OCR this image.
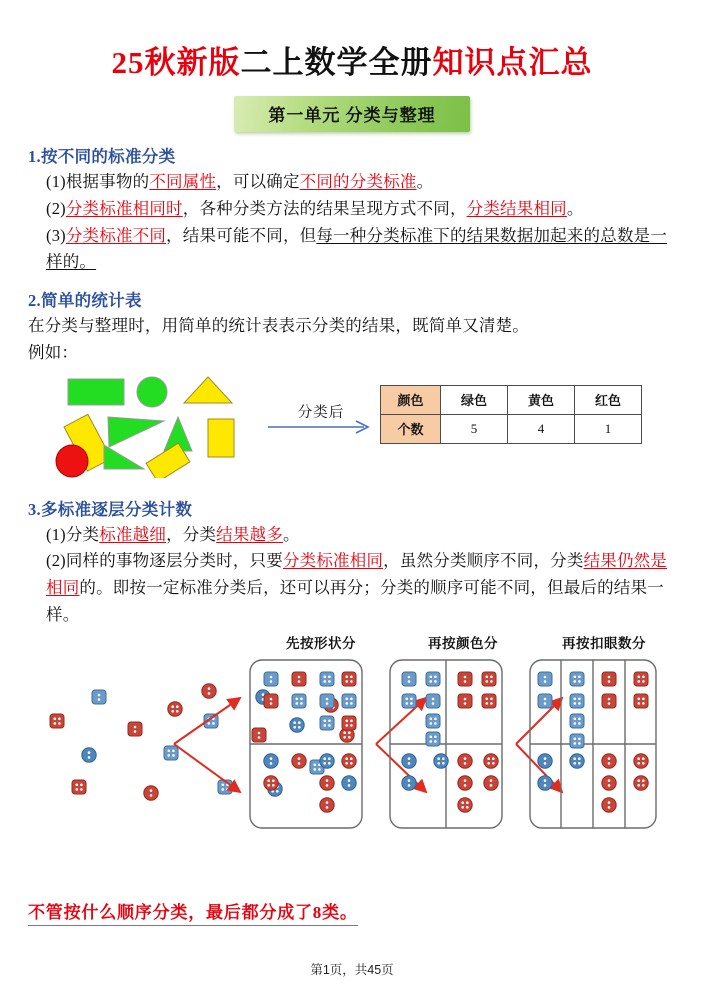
25秋新版二上数学全册知识点汇总
第一单元 分类与整理
1.按不同的标准分类

(1)根据事物的不同属性，可以确定不同的分类标准。

(2)分类标准相同时，各种分类方法的结果呈现方式不同，分类结果相同。

(3)分类标准不同，结果可能不同，但每一种分类标准下的结果数据加起来的总数是一样的。

2.简单的统计表

在分类与整理时，用简单的统计表表示分类的结果，既简单又清楚。

例如：

分类后
颜色	绿色	黄色	红色
个数	5	4	1
3.多标准逐层分类计数

(1)分类标准越细，分类结果越多。

(2)同样的事物逐层分类时，只要分类标准相同，虽然分类顺序不同，分类结果仍然是相同的。即按一定标准分类后，还可以再分；分类的顺序可能不同，但最后的结果一样。

先按形状分	再按颜色分	再按扣眼数分
不管按什么顺序分类，最后都分成了8类。
第1页，共45页
